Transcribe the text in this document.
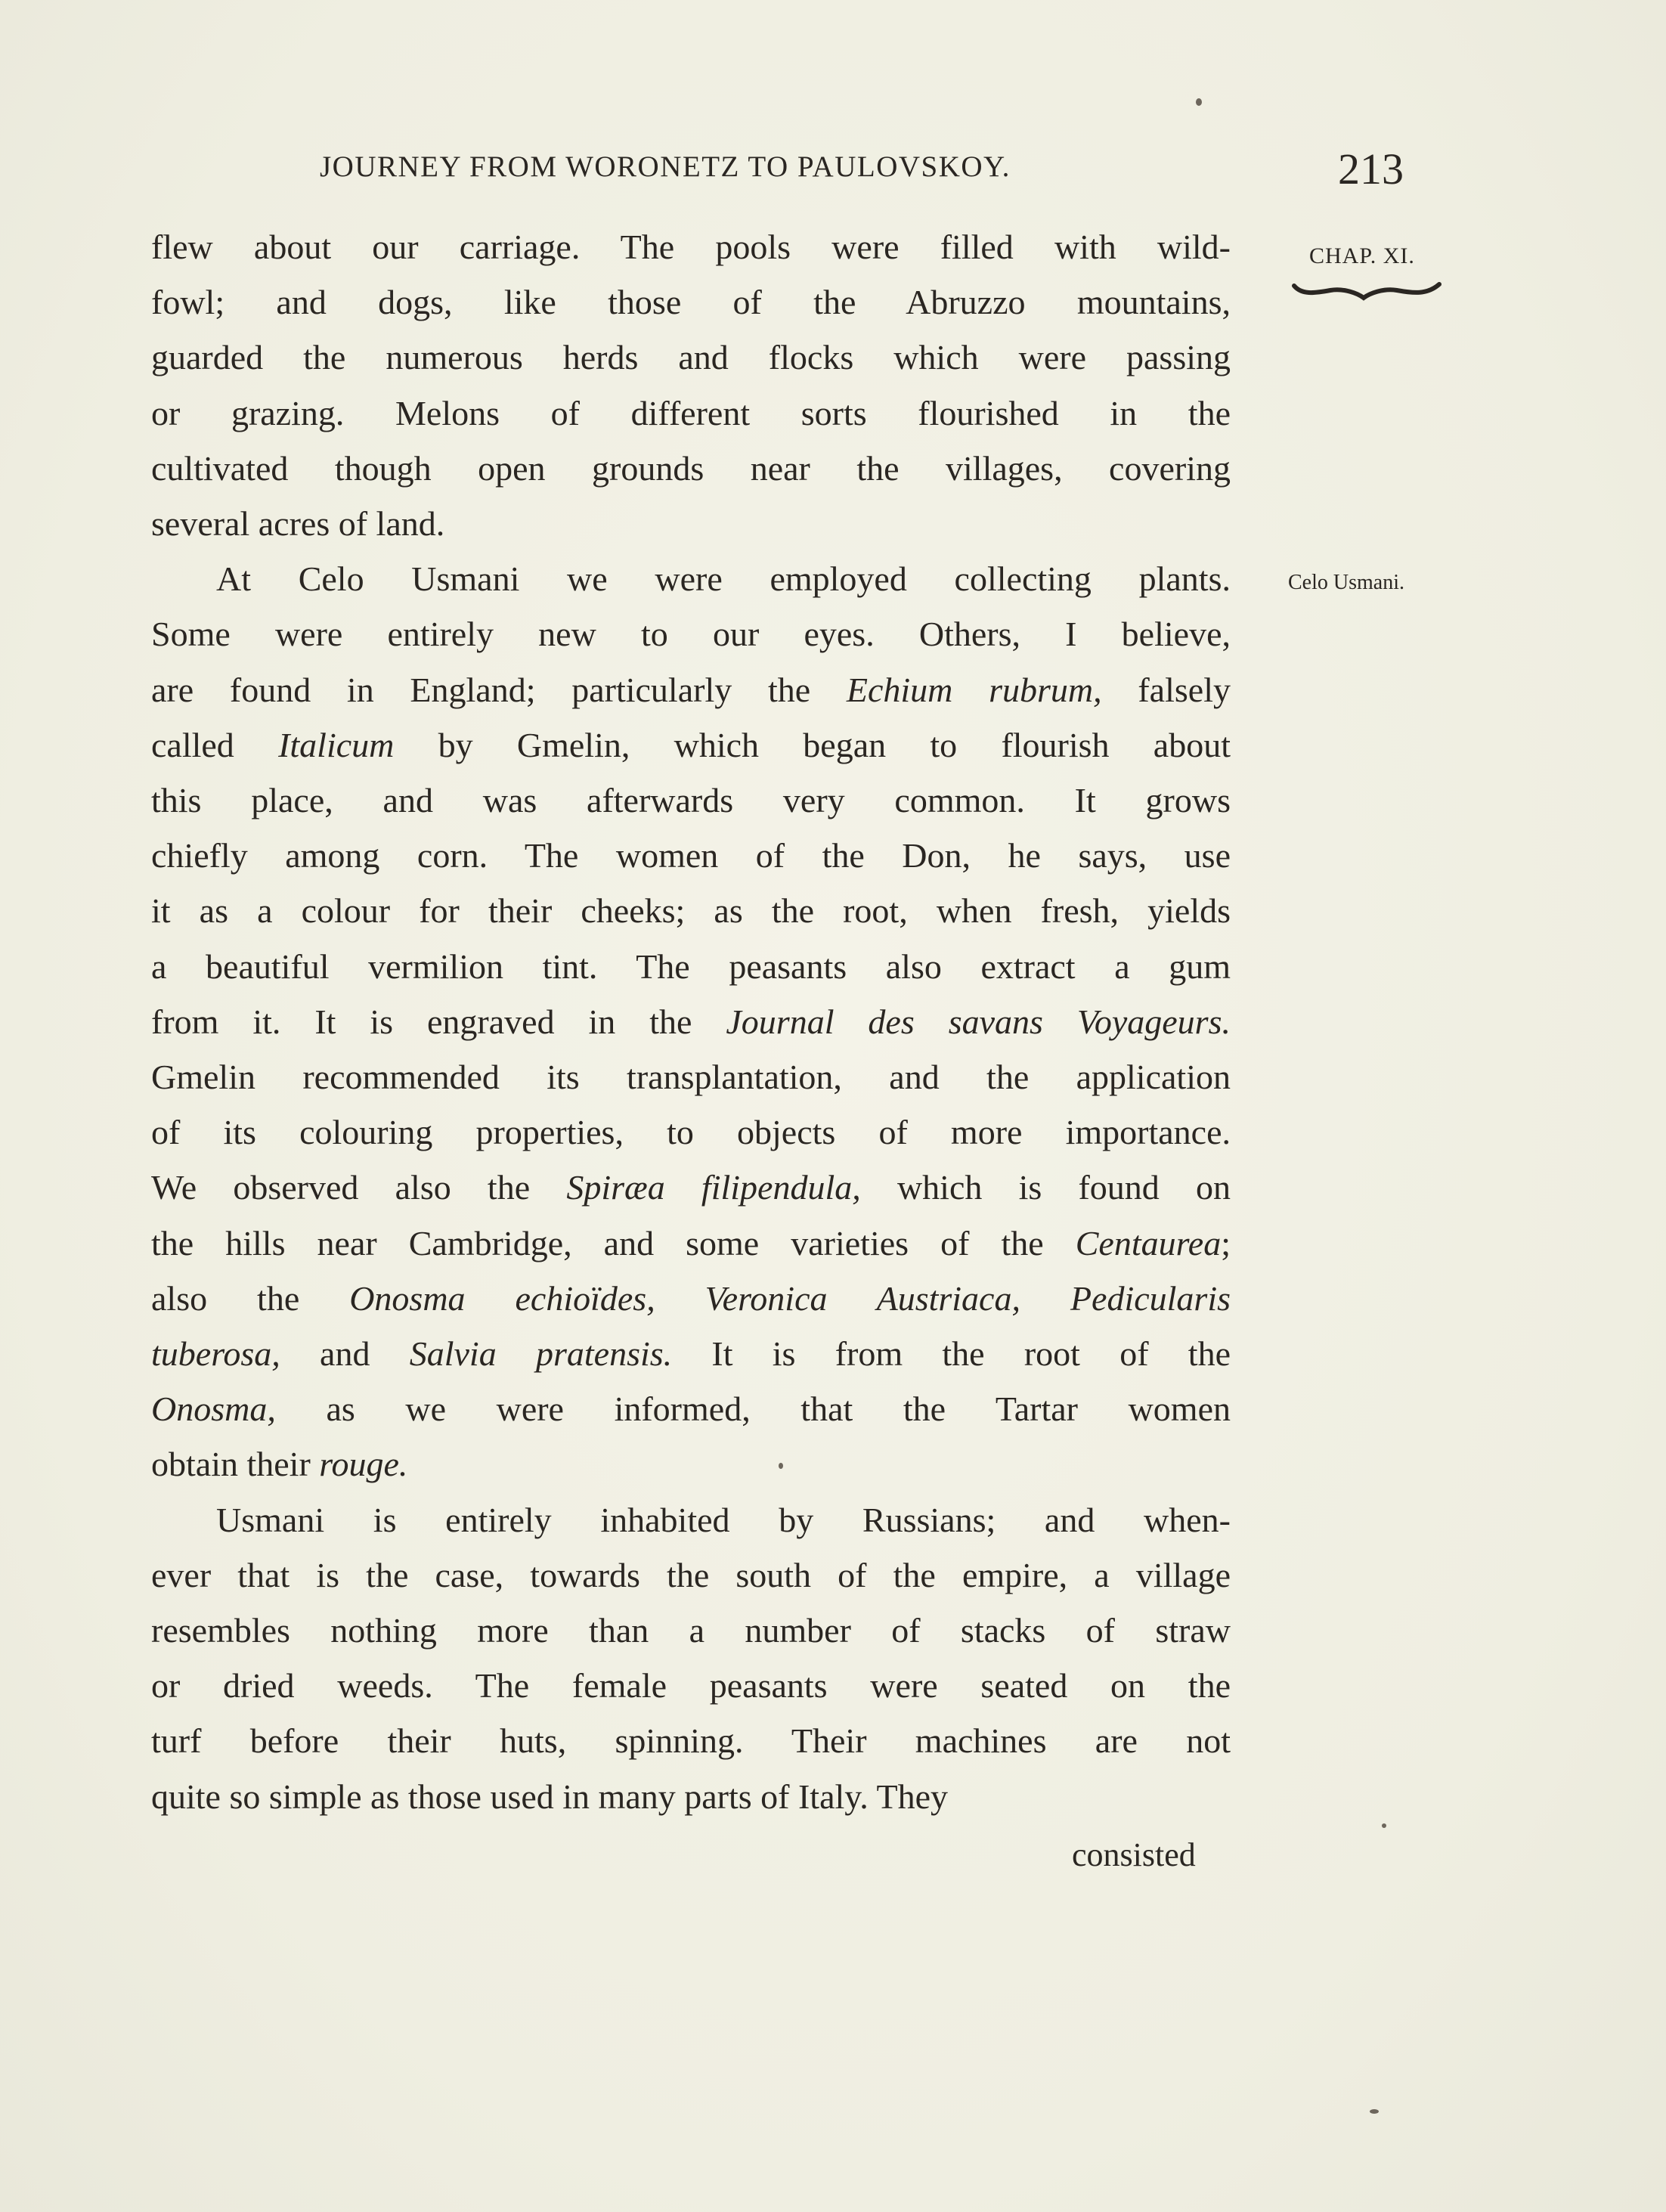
JOURNEY FROM WORONETZ TO PAULOVSKOY.	213
CHAP. XI.
Celo Usmani.

flew about our carriage. The pools were filled with wild-

fowl; and dogs, like those of the Abruzzo mountains,

guarded the numerous herds and flocks which were passing

or grazing. Melons of different sorts flourished in the

cultivated though open grounds near the villages, covering

several acres of land.

At Celo Usmani we were employed collecting plants.

Some were entirely new to our eyes. Others, I believe,

are found in England; particularly the Echium rubrum, falsely

called Italicum by Gmelin, which began to flourish about

this place, and was afterwards very common. It grows

chiefly among corn. The women of the Don, he says, use

it as a colour for their cheeks; as the root, when fresh, yields

a beautiful vermilion tint. The peasants also extract a gum

from it. It is engraved in the Journal des savans Voyageurs.

Gmelin recommended its transplantation, and the application

of its colouring properties, to objects of more importance.

We observed also the Spiræa filipendula, which is found on

the hills near Cambridge, and some varieties of the Centaurea;

also the Onosma echioïdes, Veronica Austriaca, Pedicularis

tuberosa, and Salvia pratensis. It is from the root of the

Onosma, as we were informed, that the Tartar women

obtain their rouge.

Usmani is entirely inhabited by Russians; and when-

ever that is the case, towards the south of the empire, a village

resembles nothing more than a number of stacks of straw

or dried weeds. The female peasants were seated on the

turf before their huts, spinning. Their machines are not

quite so simple as those used in many parts of Italy. They

consisted
